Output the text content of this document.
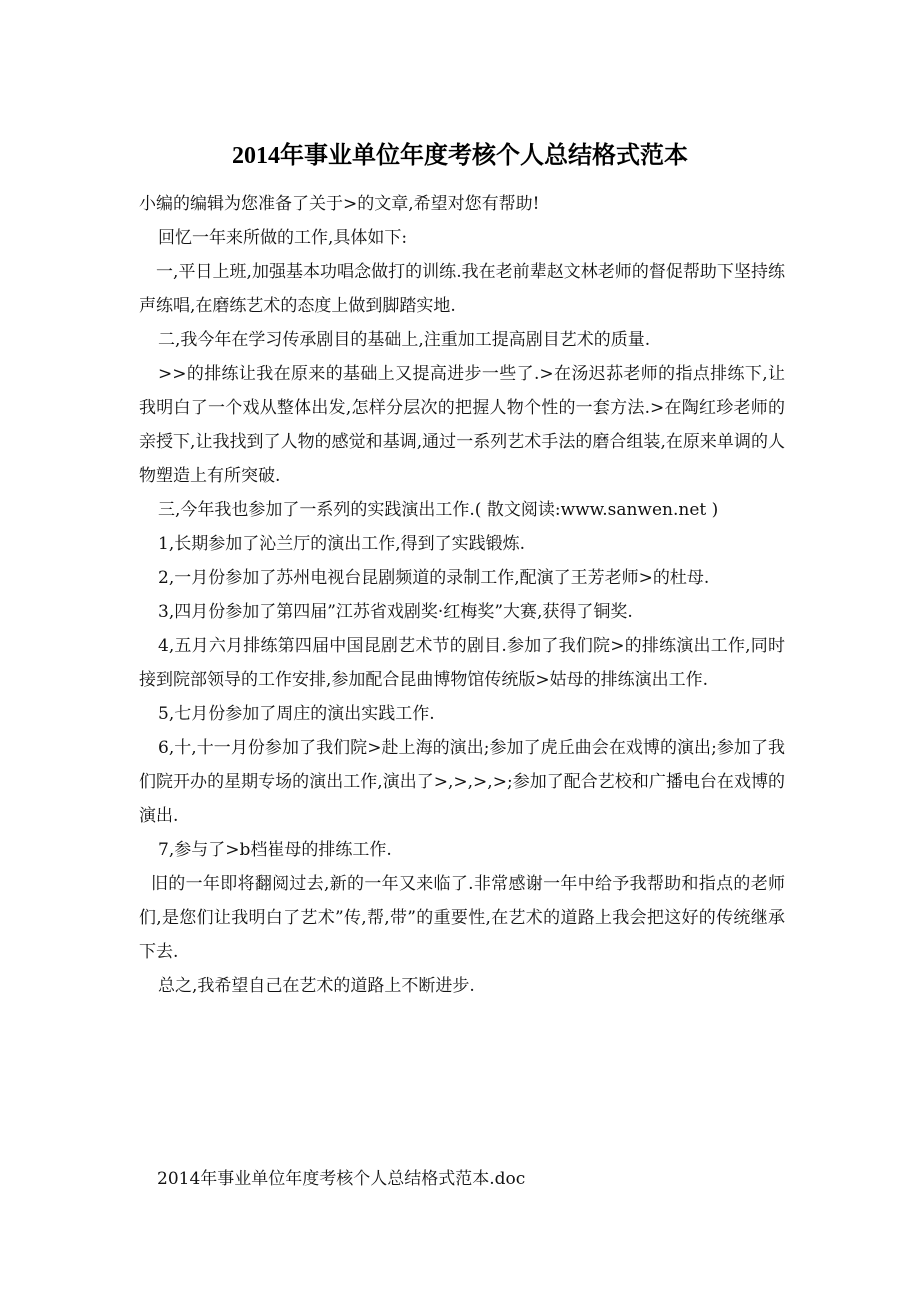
2014年事业单位年度考核个人总结格式范本

小编的编辑为您准备了关于>的文章,希望对您有帮助!

回忆一年来所做的工作,具体如下:

一,平日上班,加强基本功唱念做打的训练.我在老前辈赵文林老师的督促帮助下坚持练声练唱,在磨练艺术的态度上做到脚踏实地.

二,我今年在学习传承剧目的基础上,注重加工提高剧目艺术的质量.

>>的排练让我在原来的基础上又提高进步一些了.>在汤迟荪老师的指点排练下,让我明白了一个戏从整体出发,怎样分层次的把握人物个性的一套方法.>在陶红珍老师的亲授下,让我找到了人物的感觉和基调,通过一系列艺术手法的磨合组装,在原来单调的人物塑造上有所突破.

三,今年我也参加了一系列的实践演出工作.( 散文阅读:www.sanwen.net )

1,长期参加了沁兰厅的演出工作,得到了实践锻炼.

2,一月份参加了苏州电视台昆剧频道的录制工作,配演了王芳老师>的杜母.

3,四月份参加了第四届”江苏省戏剧奖·红梅奖”大赛,获得了铜奖.

4,五月六月排练第四届中国昆剧艺术节的剧目.参加了我们院>的排练演出工作,同时接到院部领导的工作安排,参加配合昆曲博物馆传统版>姑母的排练演出工作.

5,七月份参加了周庄的演出实践工作.

6,十,十一月份参加了我们院>赴上海的演出;参加了虎丘曲会在戏博的演出;参加了我们院开办的星期专场的演出工作,演出了>,>,>,>;参加了配合艺校和广播电台在戏博的演出.

7,参与了>b档崔母的排练工作.

旧的一年即将翻阅过去,新的一年又来临了.非常感谢一年中给予我帮助和指点的老师们,是您们让我明白了艺术”传,帮,带”的重要性,在艺术的道路上我会把这好的传统继承下去.

总之,我希望自己在艺术的道路上不断进步.

2014年事业单位年度考核个人总结格式范本.doc
